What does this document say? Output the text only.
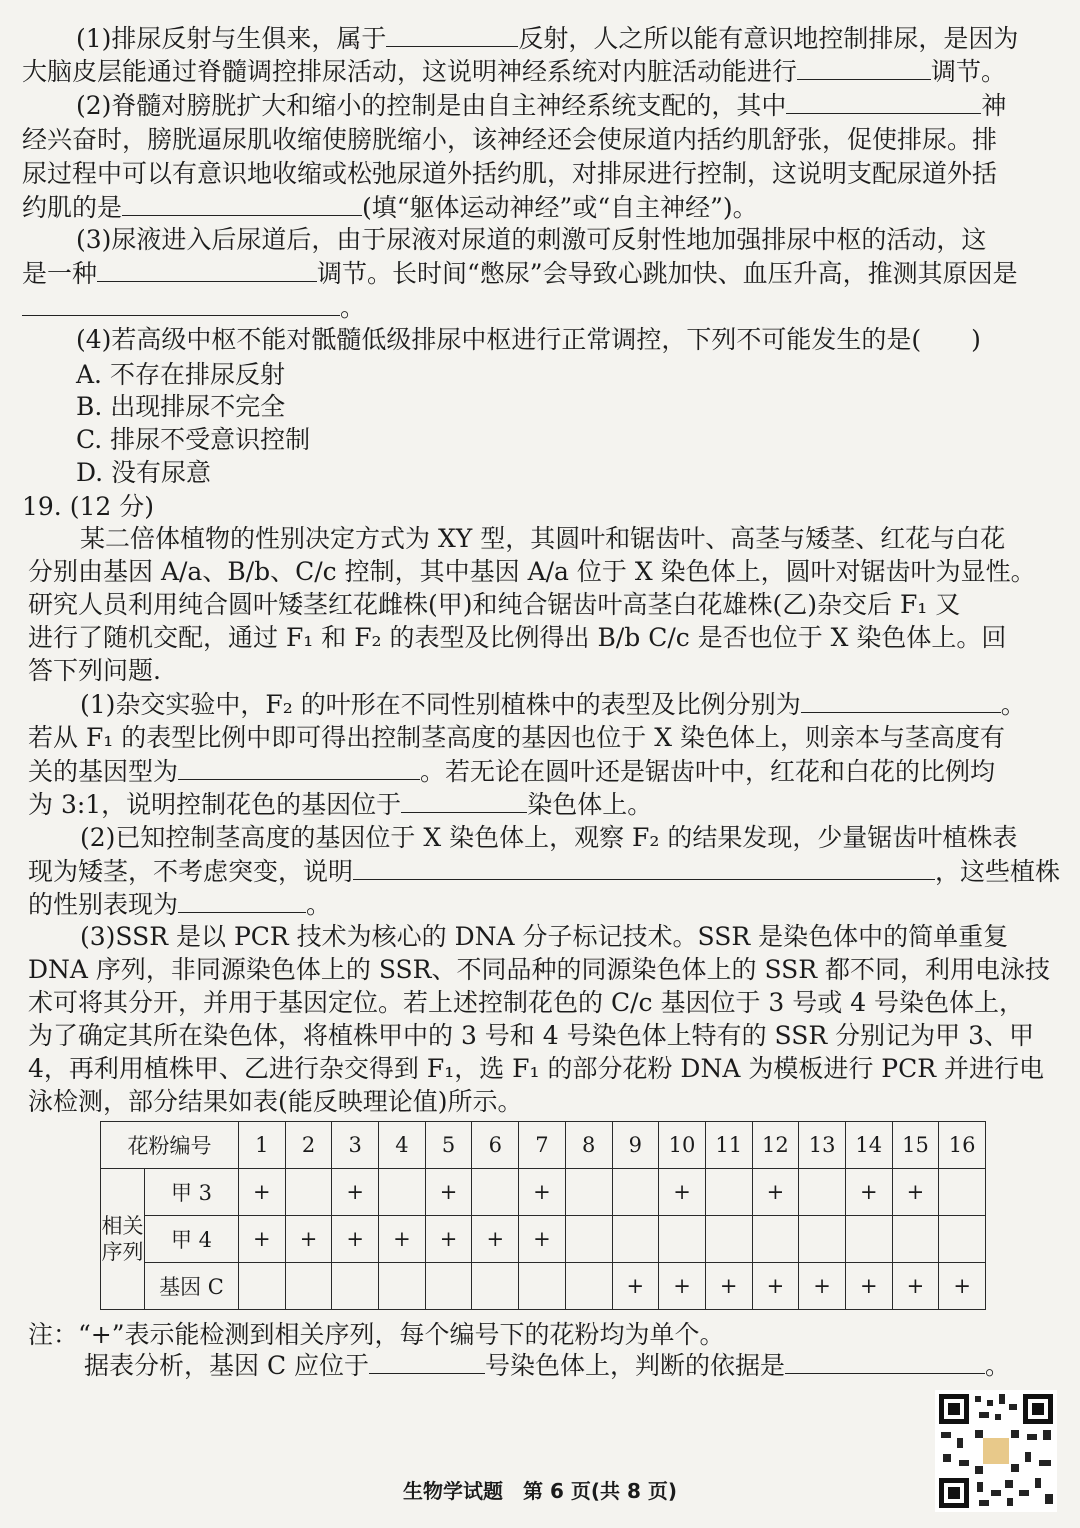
(1)排尿反射与生俱来，属于	反射，人之所以能有意识地控制排尿，是因为
大脑皮层能通过脊髓调控排尿活动，这说明神经系统对内脏活动能进行	调节。
(2)脊髓对膀胱扩大和缩小的控制是由自主神经系统支配的，其中	神
经兴奋时，膀胱逼尿肌收缩使膀胱缩小，该神经还会使尿道内括约肌舒张，促使排尿。排
尿过程中可以有意识地收缩或松弛尿道外括约肌，对排尿进行控制，这说明支配尿道外括
约肌的是	(填“躯体运动神经”或“自主神经”)。
(3)尿液进入后尿道后，由于尿液对尿道的刺激可反射性地加强排尿中枢的活动，这
是一种	调节。长时间“憋尿”会导致心跳加快、血压升高，推测其原因是
。
(4)若高级中枢不能对骶髓低级排尿中枢进行正常调控，下列不可能发生的是(　　)
A. 不存在排尿反射
B. 出现排尿不完全
C. 排尿不受意识控制
D. 没有尿意
19. (12 分)
某二倍体植物的性别决定方式为 XY 型，其圆叶和锯齿叶、高茎与矮茎、红花与白花
分别由基因 A/a、B/b、C/c 控制，其中基因 A/a 位于 X 染色体上，圆叶对锯齿叶为显性。
研究人员利用纯合圆叶矮茎红花雌株(甲)和纯合锯齿叶高茎白花雄株(乙)杂交后 F₁ 又
进行了随机交配，通过 F₁ 和 F₂ 的表型及比例得出 B/b C/c 是否也位于 X 染色体上。回
答下列问题.
(1)杂交实验中，F₂ 的叶形在不同性别植株中的表型及比例分别为	。
若从 F₁ 的表型比例中即可得出控制茎高度的基因也位于 X 染色体上，则亲本与茎高度有
关的基因型为	。若无论在圆叶还是锯齿叶中，红花和白花的比例均
为 3:1，说明控制花色的基因位于	染色体上。
(2)已知控制茎高度的基因位于 X 染色体上，观察 F₂ 的结果发现，少量锯齿叶植株表
现为矮茎，不考虑突变，说明	，这些植株
的性别表现为	。
(3)SSR 是以 PCR 技术为核心的 DNA 分子标记技术。SSR 是染色体中的简单重复
DNA 序列，非同源染色体上的 SSR、不同品种的同源染色体上的 SSR 都不同，利用电泳技
术可将其分开，并用于基因定位。若上述控制花色的 C/c 基因位于 3 号或 4 号染色体上，
为了确定其所在染色体，将植株甲中的 3 号和 4 号染色体上特有的 SSR 分别记为甲 3、甲
4，再利用植株甲、乙进行杂交得到 F₁，选 F₁ 的部分花粉 DNA 为模板进行 PCR 并进行电
泳检测，部分结果如表(能反映理论值)所示。
花粉编号		1	2	3	4	5	6	7	8	9	10	11	12	13	14	15	16

相关
序列	甲 3	+		+		+		+			+		+		+	+	
	甲 4	+	+	+	+	+	+	+									
	基因 C									+	+	+	+	+	+	+	+
注：“+”表示能检测到相关序列，每个编号下的花粉均为单个。
据表分析，基因 C 应位于	号染色体上，判断的依据是	。
生物学试题　第 6 页(共 8 页)
